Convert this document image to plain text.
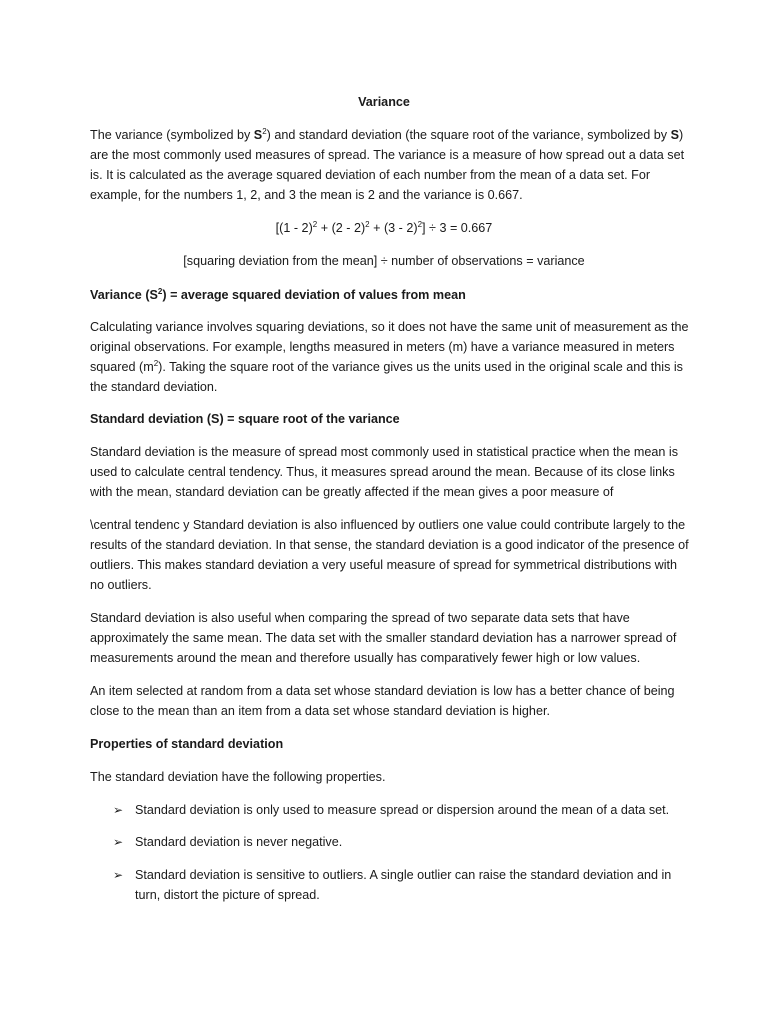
Variance

The variance (symbolized by $S^2$) and standard deviation (the square root of the variance, symbolized by S) are the most commonly used measures of spread. The variance is a measure of how spread out a data set is. It is calculated as the average squared deviation of each number from the mean of a data set. For example, for the numbers 1, 2, and 3 the mean is 2 and the variance is 0.667.

[(1 - 2)$^2$ + (2 - 2)$^2$ + (3 - 2)$^2$] ÷ 3 = 0.667
[squaring deviation from the mean] ÷ number of observations = variance
Variance $(S^2)$ = average squared deviation of values from mean

Calculating variance involves squaring deviations, so it does not have the same unit of measurement as the original observations. For example, lengths measured in meters (m) have a variance measured in meters squared $(m^2)$. Taking the square root of the variance gives us the units used in the original scale and this is the standard deviation.

Standard deviation (S) = square root of the variance

Standard deviation is the measure of spread most commonly used in statistical practice when the mean is used to calculate central tendency. Thus, it measures spread around the mean. Because of its close links with the mean, standard deviation can be greatly affected if the mean gives a poor measure of

\central tendenc y Standard deviation is also influenced by outliers one value could contribute largely to the results of the standard deviation. In that sense, the standard deviation is a good indicator of the presence of outliers. This makes standard deviation a very useful measure of spread for symmetrical distributions with no outliers.

Standard deviation is also useful when comparing the spread of two separate data sets that have approximately the same mean. The data set with the smaller standard deviation has a narrower spread of measurements around the mean and therefore usually has comparatively fewer high or low values.

An item selected at random from a data set whose standard deviation is low has a better chance of being close to the mean than an item from a data set whose standard deviation is higher.

Properties of standard deviation
The standard deviation have the following properties.
➢ Standard deviation is only used to measure spread or dispersion around the mean of a data set.
➢ Standard deviation is never negative.
➢ Standard deviation is sensitive to outliers. A single outlier can raise the standard deviation and in turn, distort the picture of spread.
